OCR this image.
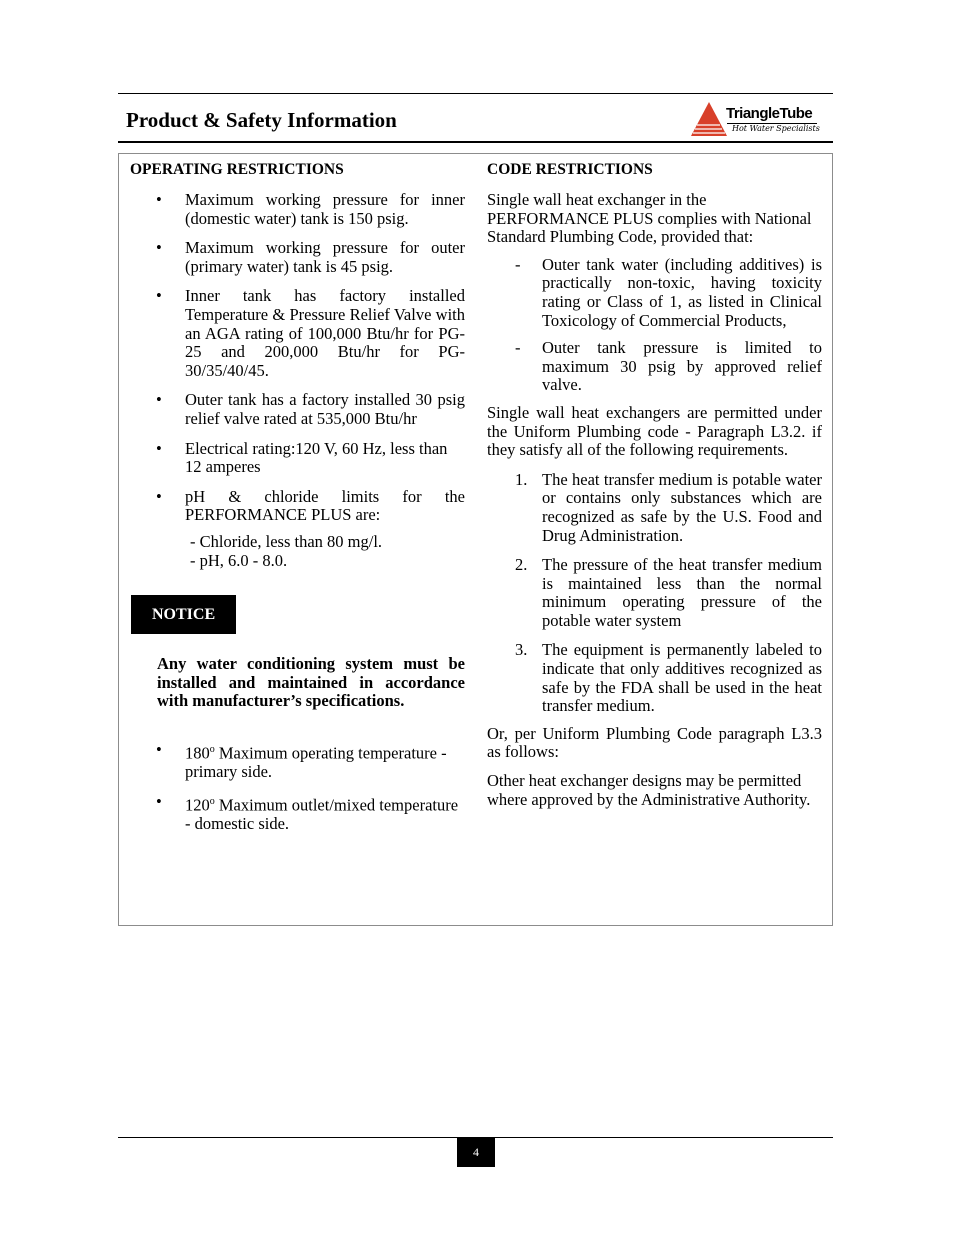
Product & Safety Information	TriangleTube
Hot Water Specialists
OPERATING RESTRICTIONS
• Maximum working pressure for inner (domestic water) tank is 150 psig.
• Maximum working pressure for outer (primary water) tank is 45 psig.
• Inner tank has factory installed Temperature & Pressure Relief Valve with an AGA rating of 100,000 Btu/hr for PG-25 and 200,000 Btu/hr for PG-30/35/40/45.
• Outer tank has a factory installed 30 psig relief valve rated at 535,000 Btu/hr
• Electrical rating:120 V, 60 Hz, less than 12 amperes
• pH & chloride limits for the PERFORMANCE PLUS are:
- Chloride, less than 80 mg/l.
- pH, 6.0 - 8.0.
NOTICE
Any water conditioning system must be installed and maintained in accordance with manufacturer’s specifications.
• 180$^o$ Maximum operating temperature - primary side.
• 120$^o$ Maximum outlet/mixed temperature - domestic side.
CODE RESTRICTIONS
Single wall heat exchanger in the PERFORMANCE PLUS complies with National Standard Plumbing Code, provided that:
- Outer tank water (including additives) is practically non-toxic, having toxicity rating or Class of 1, as listed in Clinical Toxicology of Commercial Products,
- Outer tank pressure is limited to maximum 30 psig by approved relief valve.
Single wall heat exchangers are permitted under the Uniform Plumbing code - Paragraph L3.2. if they satisfy all of the following requirements.
1. The heat transfer medium is potable water or contains only substances which are recognized as safe by the U.S. Food and Drug Administration.
2. The pressure of the heat transfer medium is maintained less than the normal minimum operating pressure of the potable water system
3. The equipment is permanently labeled to indicate that only additives recognized as safe by the FDA shall be used in the heat transfer medium.
Or, per Uniform Plumbing Code paragraph L3.3 as follows:
Other heat exchanger designs may be permitted where approved by the Administrative Authority.
4
